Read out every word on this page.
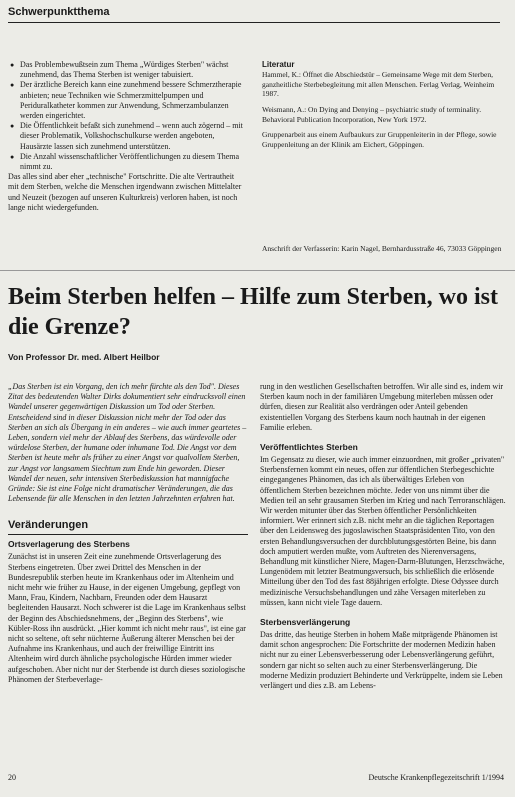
Schwerpunktthema
● Das Problembewußtsein zum Thema „Würdiges Sterben" wächst zunehmend, das Thema Sterben ist weniger tabuisiert.
● Der ärztliche Bereich kann eine zunehmend bessere Schmerztherapie anbieten; neue Techniken wie Schmerzmittelpumpen und Periduralkatheter kommen zur Anwendung, Schmerzambulanzen werden eingerichtet.
● Die Öffentlichkeit befaßt sich zunehmend – wenn auch zögernd – mit dieser Problematik, Volkshochschulkurse werden angeboten, Hausärzte lassen sich zunehmend unterstützen.
● Die Anzahl wissenschaftlicher Veröffentlichungen zu diesem Thema nimmt zu.

Das alles sind aber eher „technische" Fortschritte. Die alte Vertrautheit mit dem Sterben, welche die Menschen irgendwann zwischen Mittelalter und Neuzeit (bezogen auf unseren Kulturkreis) verloren haben, ist noch lange nicht wiedergefunden.

Literatur

Hammel, K.: Öffnet die Abschiedstür – Gemeinsame Wege mit dem Sterben, ganzheitliche Sterbebegleitung mit allen Menschen. Ferlag Verlag, Weinheim 1987.

Weismann, A.: On Dying and Denying – psychiatric study of terminality. Behavioral Publication Incorporation, New York 1972.

Gruppenarbeit aus einem Aufbaukurs zur Gruppenleiterin in der Pflege, sowie Gruppenleitung an der Klinik am Eichert, Göppingen.

Anschrift der Verfasserin: Karin Nagel, Bernhardusstraße 46, 73033 Göppingen
Beim Sterben helfen – Hilfe zum Sterben, wo ist die Grenze?

Von Professor Dr. med. Albert Heilbor

„Das Sterben ist ein Vorgang, den ich mehr fürchte als den Tod". Dieses Zitat des bedeutenden Walter Dirks dokumentiert sehr eindrucksvoll einen Wandel unserer gegenwärtigen Diskussion um Tod oder Sterben. Entscheidend sind in dieser Diskussion nicht mehr der Tod oder das Sterben an sich als Übergang in ein anderes – wie auch immer geartetes – Leben, sondern viel mehr der Ablauf des Sterbens, das würdevolle oder würdelose Sterben, der humane oder inhumane Tod. Die Angst vor dem Sterben ist heute mehr als früher zu einer Angst vor qualvollem Sterben, zur Angst vor langsamem Siechtum zum Ende hin geworden. Dieser Wandel der neuen, sehr intensiven Sterbediskussion hat mannigfache Gründe: Sie ist eine Folge nicht dramatischer Veränderungen, die das Lebensende für alle Menschen in den letzten Jahrzehnten erfahren hat.

Veränderungen
Ortsverlagerung des Sterbens

Zunächst ist in unseren Zeit eine zunehmende Ortsverlagerung des Sterbens eingetreten. Über zwei Drittel des Menschen in der Bundesrepublik sterben heute im Krankenhaus oder im Altenheim und nicht mehr wie früher zu Hause, in der eigenen Umgebung, gepflegt von Mann, Frau, Kindern, Nachbarn, Freunden oder dem Hausarzt begleitenden Hausarzt. Noch schwerer ist die Lage im Krankenhaus selbst der Beginn des Abschiedsnehmens, der „Beginn des Sterbens", wie Kübler-Ross ihn ausdrückt. „Hier kommt ich nicht mehr raus", ist eine gar nicht so seltene, oft sehr nüchterne Äußerung älterer Menschen bei der Aufnahme ins Krankenhaus, und auch der freiwillige Eintritt ins Altenheim wird durch ähnliche psychologische Hürden immer wieder aufgeschoben. Aber nicht nur der Sterbende ist durch dieses soziologische Phänomen der Sterbeverlage-

rung in den westlichen Gesellschaften betroffen. Wir alle sind es, indem wir Sterben kaum noch in der familiären Umgebung miterleben müssen oder dürfen, diesen zur Realität also verdrängen oder Anteil gebenden existentiellen Vorgang des Sterbens kaum noch hautnah in der eigenen Familie erleben.

Veröffentlichtes Sterben

Im Gegensatz zu dieser, wie auch immer einzuordnen, mit großer „privaten" Sterbensfernen kommt ein neues, offen zur öffentlichen Sterbegeschichte eingegangenes Phänomen, das ich als überwältiges Erleben von öffentlichem Sterben bezeichnen möchte. Jeder von uns nimmt über die Medien teil an sehr grausamen Sterben im Krieg und nach Terroranschlägen. Wir werden mitunter über das Sterben öffentlicher Persönlichkeiten informiert. Wer erinnert sich z.B. nicht mehr an die täglichen Reportagen über den Leidensweg des jugoslawischen Staatspräsidenten Tito, von den ersten Behandlungsversuchen der durchblutungsgestörten Beine, bis dann doch amputiert werden mußte, vom Auftreten des Nierenversagens, Behandlung mit künstlicher Niere, Magen-Darm-Blutungen, Herzschwäche, Lungenödem mit letzter Beatmungsversuch, bis schließlich die erlösende Mitteilung über den Tod des fast 88jährigen erfolgte. Diese Odyssee durch medizinische Versuchsbehandlungen und zähe Versagen miterleben zu müssen, kann nicht viele Tage dauern.

Sterbensverlängerung

Das dritte, das heutige Sterben in hohem Maße mitprägende Phänomen ist damit schon angesprochen: Die Fortschritte der modernen Medizin haben nicht nur zu einer Lebensverbesserung oder Lebensverlängerung geführt, sondern gar nicht so selten auch zu einer Sterbensverlängerung. Die moderne Medizin produziert Behinderte und Verkrüppelte, indem sie Leben verlängert und dies z.B. am Lebens-

20	Deutsche Krankenpflegezeitschrift 1/1994
